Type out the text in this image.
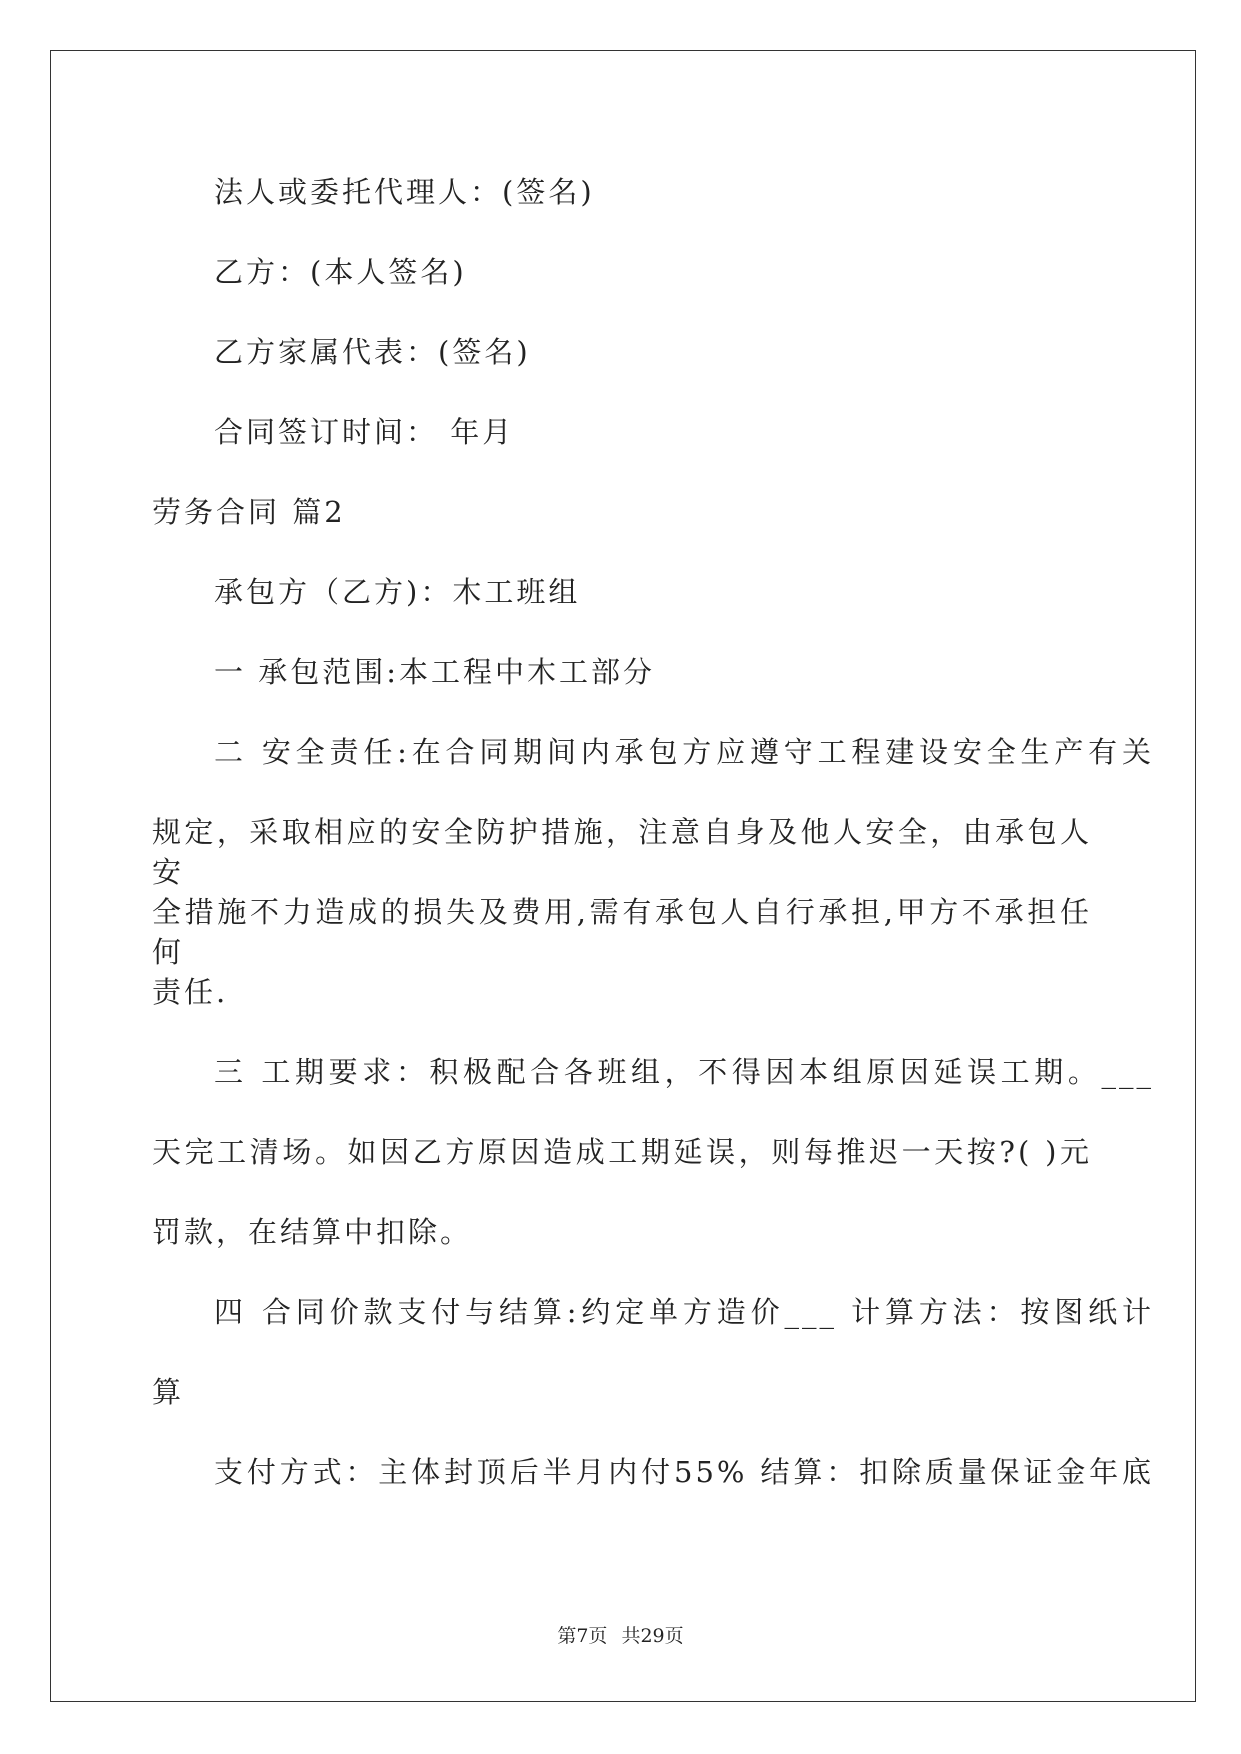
法人或委托代理人：(签名)
乙方：(本人签名)
乙方家属代表：(签名)
合同签订时间： 年月
劳务合同 篇2
承包方（乙方)：木工班组
一 承包范围:本工程中木工部分
二 安全责任:在合同期间内承包方应遵守工程建设安全生产有关
规定，采取相应的安全防护措施，注意自身及他人安全，由承包人安
全措施不力造成的损失及费用,需有承包人自行承担,甲方不承担任何
责任.
三 工期要求：积极配合各班组，不得因本组原因延误工期。___
天完工清场。如因乙方原因造成工期延误，则每推迟一天按?( )元
罚款，在结算中扣除。
四 合同价款支付与结算:约定单方造价___ 计算方法：按图纸计
算
支付方式：主体封顶后半月内付55% 结算：扣除质量保证金年底
第7页 共29页
